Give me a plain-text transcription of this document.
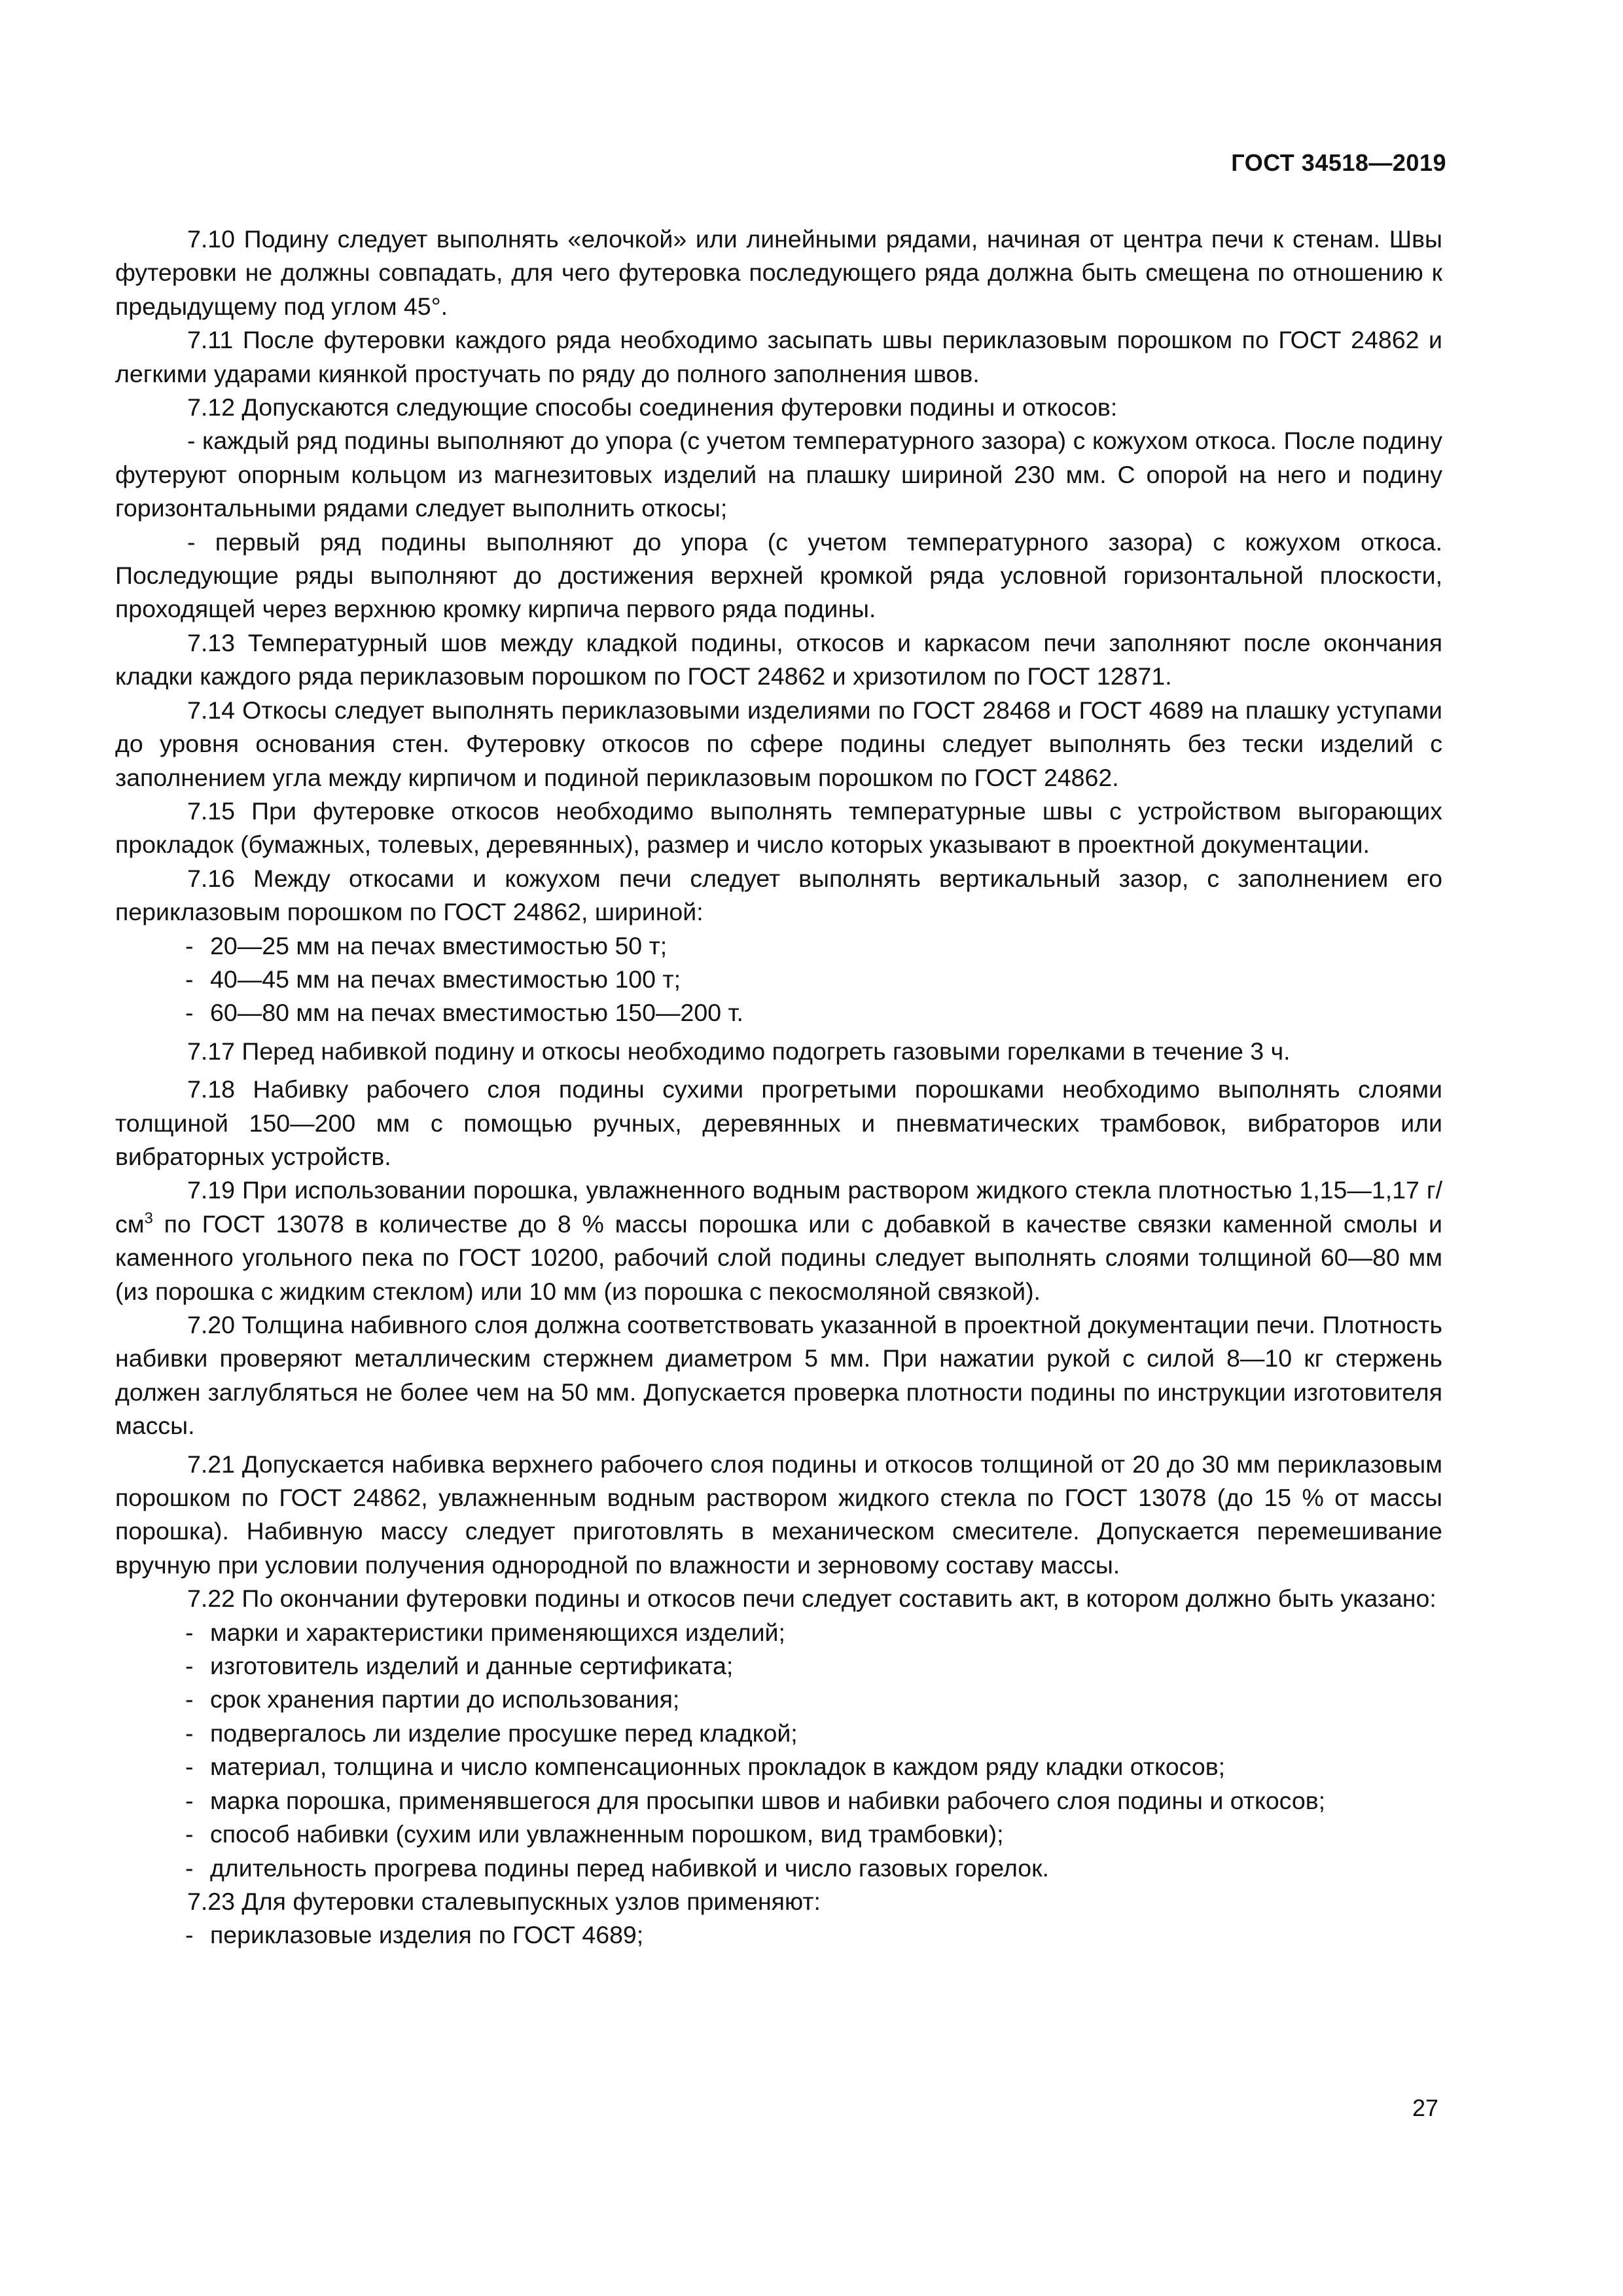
ГОСТ 34518—2019

7.10 Подину следует выполнять «елочкой» или линейными рядами, начиная от центра печи к стенам. Швы футеровки не должны совпадать, для чего футеровка последующего ряда должна быть смещена по отношению к предыдущему под углом 45°.

7.11 После футеровки каждого ряда необходимо засыпать швы периклазовым порошком по ГОСТ 24862 и легкими ударами киянкой простучать по ряду до полного заполнения швов.

7.12 Допускаются следующие способы соединения футеровки подины и откосов:

- каждый ряд подины выполняют до упора (с учетом температурного зазора) с кожухом откоса. После подину футеруют опорным кольцом из магнезитовых изделий на плашку шириной 230 мм. С опорой на него и подину горизонтальными рядами следует выполнить откосы;

- первый ряд подины выполняют до упора (с учетом температурного зазора) с кожухом откоса. Последующие ряды выполняют до достижения верхней кромкой ряда условной горизонтальной плоскости, проходящей через верхнюю кромку кирпича первого ряда подины.

7.13 Температурный шов между кладкой подины, откосов и каркасом печи заполняют после окончания кладки каждого ряда периклазовым порошком по ГОСТ 24862 и хризотилом по ГОСТ 12871.

7.14 Откосы следует выполнять периклазовыми изделиями по ГОСТ 28468 и ГОСТ 4689 на плашку уступами до уровня основания стен. Футеровку откосов по сфере подины следует выполнять без тески изделий с заполнением угла между кирпичом и подиной периклазовым порошком по ГОСТ 24862.

7.15 При футеровке откосов необходимо выполнять температурные швы с устройством выгорающих прокладок (бумажных, толевых, деревянных), размер и число которых указывают в проектной документации.

7.16 Между откосами и кожухом печи следует выполнять вертикальный зазор, с заполнением его периклазовым порошком по ГОСТ 24862, шириной:

- 20—25 мм на печах вместимостью 50 т;

- 40—45 мм на печах вместимостью 100 т;

- 60—80 мм на печах вместимостью 150—200 т.

7.17 Перед набивкой подину и откосы необходимо подогреть газовыми горелками в течение 3 ч.

7.18 Набивку рабочего слоя подины сухими прогретыми порошками необходимо выполнять слоями толщиной 150—200 мм с помощью ручных, деревянных и пневматических трамбовок, вибраторов или вибраторных устройств.

7.19 При использовании порошка, увлажненного водным раствором жидкого стекла плотностью 1,15—1,17 $г/см^3$ по ГОСТ 13078 в количестве до 8 % массы порошка или с добавкой в качестве связки каменной смолы и каменного угольного пека по ГОСТ 10200, рабочий слой подины следует выполнять слоями толщиной 60—80 мм (из порошка с жидким стеклом) или 10 мм (из порошка с пекосмоляной связкой).

7.20 Толщина набивного слоя должна соответствовать указанной в проектной документации печи. Плотность набивки проверяют металлическим стержнем диаметром 5 мм. При нажатии рукой с силой 8—10 кг стержень должен заглубляться не более чем на 50 мм. Допускается проверка плотности подины по инструкции изготовителя массы.

7.21 Допускается набивка верхнего рабочего слоя подины и откосов толщиной от 20 до 30 мм периклазовым порошком по ГОСТ 24862, увлажненным водным раствором жидкого стекла по ГОСТ 13078 (до 15 % от массы порошка). Набивную массу следует приготовлять в механическом смесителе. Допускается перемешивание вручную при условии получения однородной по влажности и зерновому составу массы.

7.22 По окончании футеровки подины и откосов печи следует составить акт, в котором должно быть указано:

- марки и характеристики применяющихся изделий;

- изготовитель изделий и данные сертификата;

- срок хранения партии до использования;

- подвергалось ли изделие просушке перед кладкой;

- материал, толщина и число компенсационных прокладок в каждом ряду кладки откосов;

- марка порошка, применявшегося для просыпки швов и набивки рабочего слоя подины и откосов;

- способ набивки (сухим или увлажненным порошком, вид трамбовки);

- длительность прогрева подины перед набивкой и число газовых горелок.

7.23 Для футеровки сталевыпускных узлов применяют:

- периклазовые изделия по ГОСТ 4689;

27
